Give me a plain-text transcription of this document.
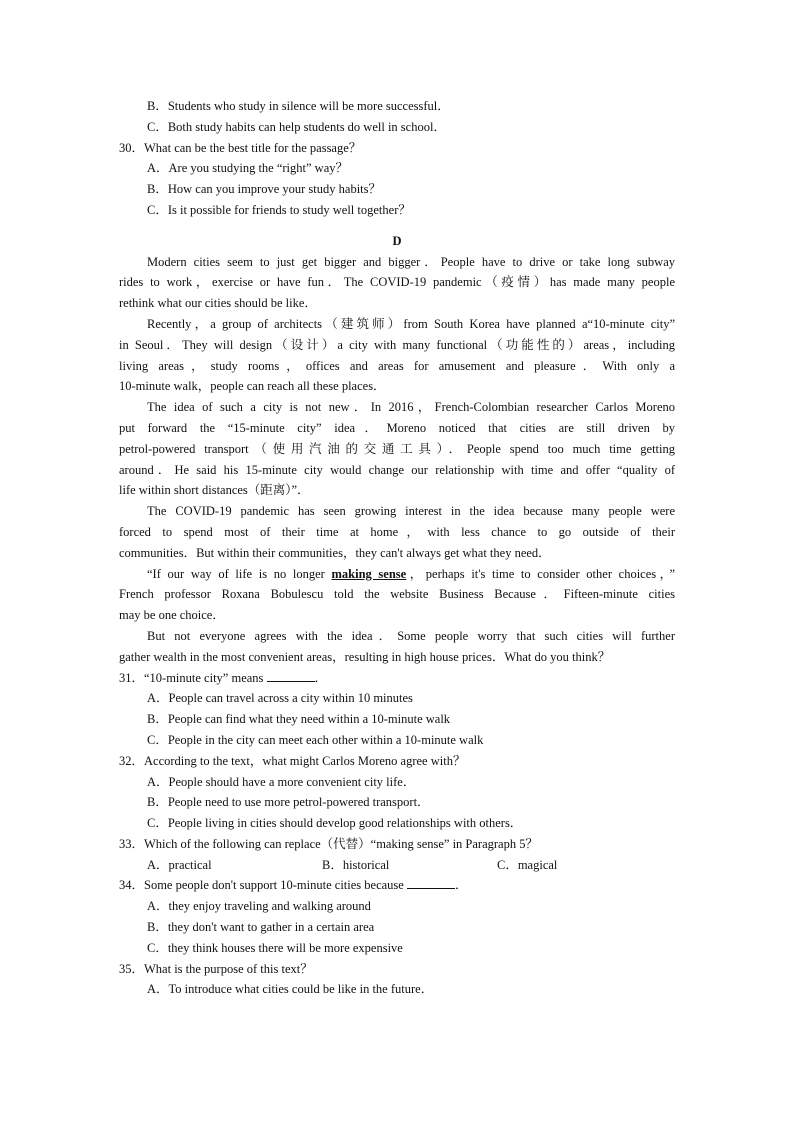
B．Students who study in silence will be more successful．
C．Both study habits can help students do well in school．
30．What can be the best title for the passage？
A．Are you studying the “right” way？
B．How can you improve your study habits？
C．Is it possible for friends to study well together？
D
Modern cities seem to just get bigger and bigger．People have to drive or take long subway
rides to work，exercise or have fun．The COVID-19 pandemic（疫情）has made many people
rethink what our cities should be like．
Recently，a group of architects（建筑师）from South Korea have planned a“10-minute city”
in Seoul．They will design（设计）a city with many functional（功能性的）areas，including
living areas，study rooms，offices and areas for amusement and pleasure．With only a
10-minute walk，people can reach all these places．
The idea of such a city is not new．In 2016，French-Colombian researcher Carlos Moreno
put forward the “15-minute city” idea．Moreno noticed that cities are still driven by
petrol-powered transport（使用汽油的交通工具）．People spend too much time getting
around．He said his 15-minute city would change our relationship with time and offer “quality of
life within short distances（距离）”．
The COVID-19 pandemic has seen growing interest in the idea because many people were
forced to spend most of their time at home，with less chance to go outside of their
communities．But within their communities，they can't always get what they need．
“If our way of life is no longer making sense，perhaps it's time to consider other choices，”
French professor Roxana Bobulescu told the website Business Because．Fifteen-minute cities
may be one choice．
But not everyone agrees with the idea．Some people worry that such cities will further
gather wealth in the most convenient areas，resulting in high house prices．What do you think？
31．“10-minute city” means	．
A．People can travel across a city within 10 minutes
B．People can find what they need within a 10-minute walk
C．People in the city can meet each other within a 10-minute walk
32．According to the text，what might Carlos Moreno agree with？
A．People should have a more convenient city life．
B．People need to use more petrol-powered transport．
C．People living in cities should develop good relationships with others．
33．Which of the following can replace（代替）“making sense” in Paragraph 5？
A．practical	B．historical	C．magical
34．Some people don't support 10-minute cities because	．
A．they enjoy traveling and walking around
B．they don't want to gather in a certain area
C．they think houses there will be more expensive
35．What is the purpose of this text？
A．To introduce what cities could be like in the future．
